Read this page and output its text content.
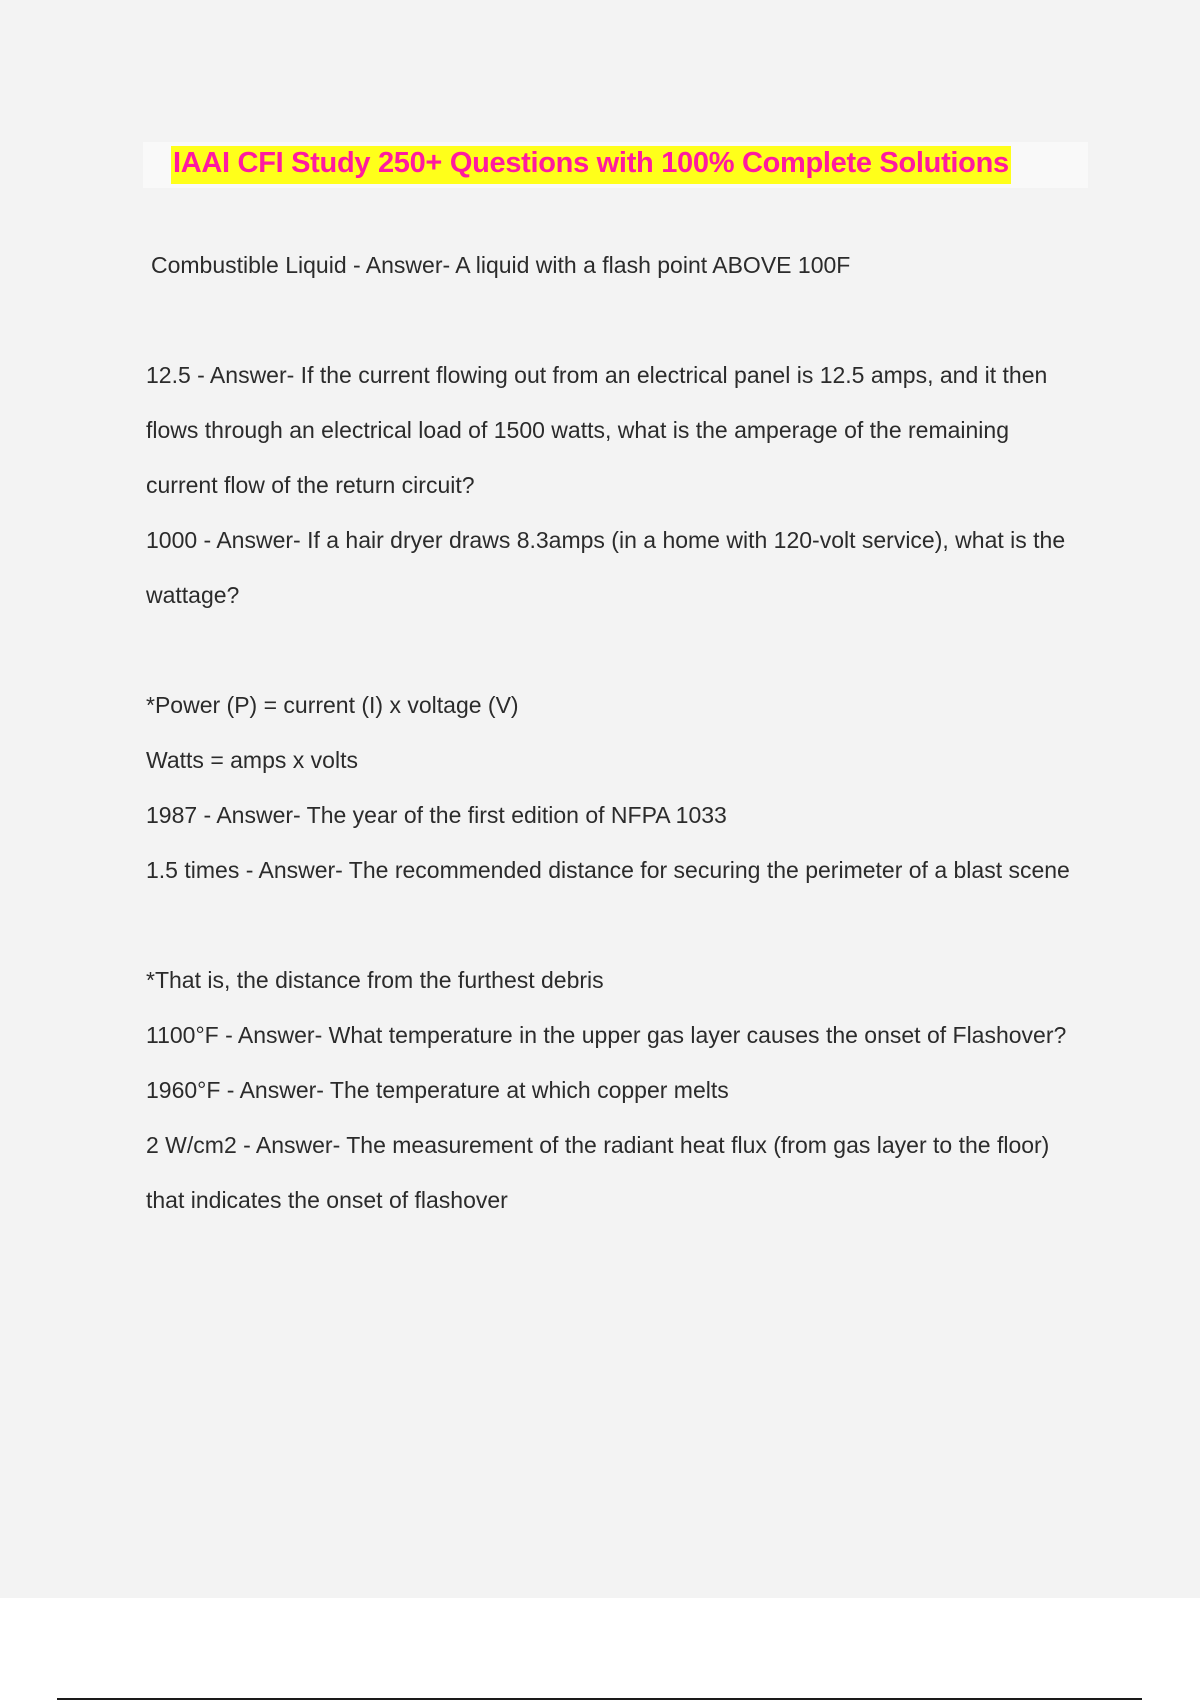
IAAI CFI Study 250+ Questions with 100% Complete Solutions

Combustible Liquid - Answer- A liquid with a flash point ABOVE 100F

12.5 - Answer- If the current flowing out from an electrical panel is 12.5 amps, and it then flows through an electrical load of 1500 watts, what is the amperage of the remaining current flow of the return circuit?

1000 - Answer- If a hair dryer draws 8.3amps (in a home with 120-volt service), what is the wattage?

*Power (P) = current (I) x voltage (V)

Watts = amps x volts

1987 - Answer- The year of the first edition of NFPA 1033

1.5 times - Answer- The recommended distance for securing the perimeter of a blast scene

*That is, the distance from the furthest debris

1100°F - Answer- What temperature in the upper gas layer causes the onset of Flashover?

1960°F - Answer- The temperature at which copper melts

2 W/cm2 - Answer- The measurement of the radiant heat flux (from gas layer to the floor) that indicates the onset of flashover
